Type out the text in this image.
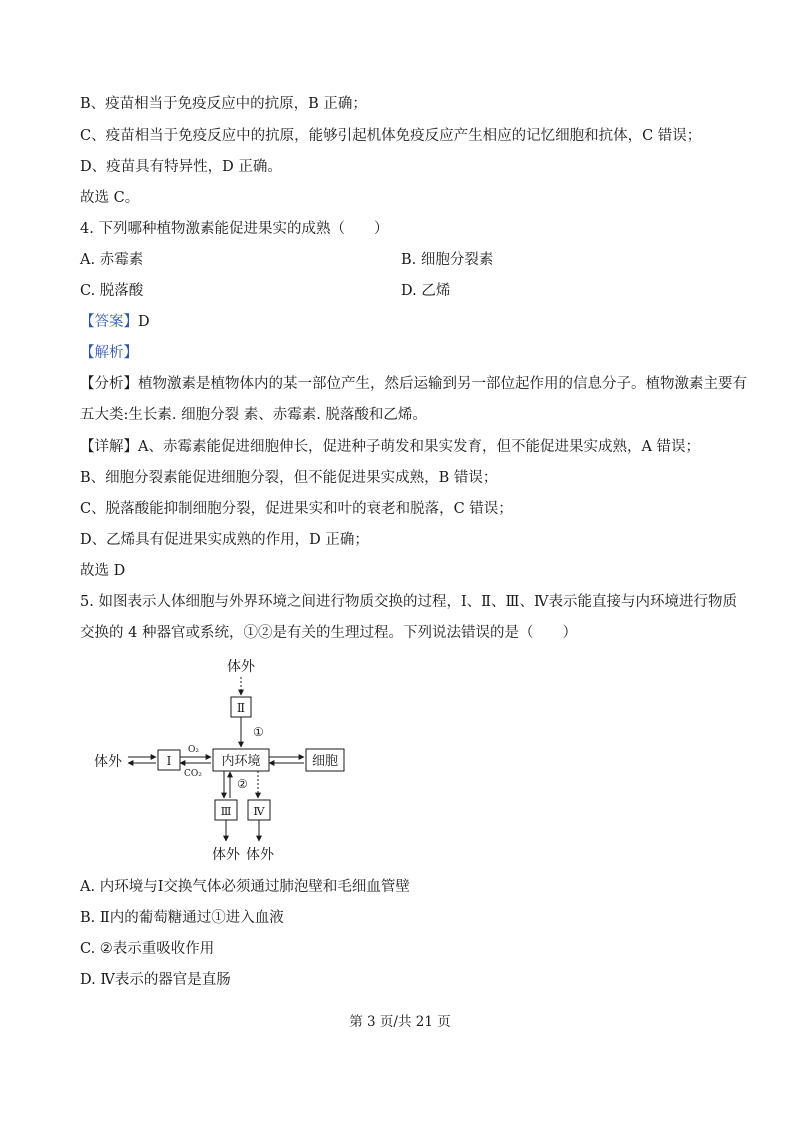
B、疫苗相当于免疫反应中的抗原，B 正确；
C、疫苗相当于免疫反应中的抗原，能够引起机体免疫反应产生相应的记忆细胞和抗体，C 错误；
D、疫苗具有特异性，D 正确。
故选 C。
4. 下列哪种植物激素能促进果实的成熟（　　）
A. 赤霉素	B. 细胞分裂素
C. 脱落酸	D. 乙烯
【答案】D
【解析】
【分析】植物激素是植物体内的某一部位产生，然后运输到另一部位起作用的信息分子。植物激素主要有
五大类:生长素. 细胞分裂 素、赤霉素. 脱落酸和乙烯。
【详解】A、赤霉素能促进细胞伸长，促进种子萌发和果实发育，但不能促进果实成熟，A 错误；
B、细胞分裂素能促进细胞分裂，但不能促进果实成熟，B 错误；
C、脱落酸能抑制细胞分裂，促进果实和叶的衰老和脱落，C 错误；
D、乙烯具有促进果实成熟的作用，D 正确；
故选 D
5. 如图表示人体细胞与外界环境之间进行物质交换的过程，Ⅰ、Ⅱ、Ⅲ、Ⅳ表示能直接与内环境进行物质
交换的 4 种器官或系统，①②是有关的生理过程。下列说法错误的是（　　）
体外
Ⅱ
①
体外	Ⅰ
O₂
CO₂
内环境	细胞
②
Ⅲ Ⅳ
体外 体外
A. 内环境与Ⅰ交换气体必须通过肺泡壁和毛细血管壁
B. Ⅱ内的葡萄糖通过①进入血液
C. ②表示重吸收作用
D. Ⅳ表示的器官是直肠
第 3 页/共 21 页
